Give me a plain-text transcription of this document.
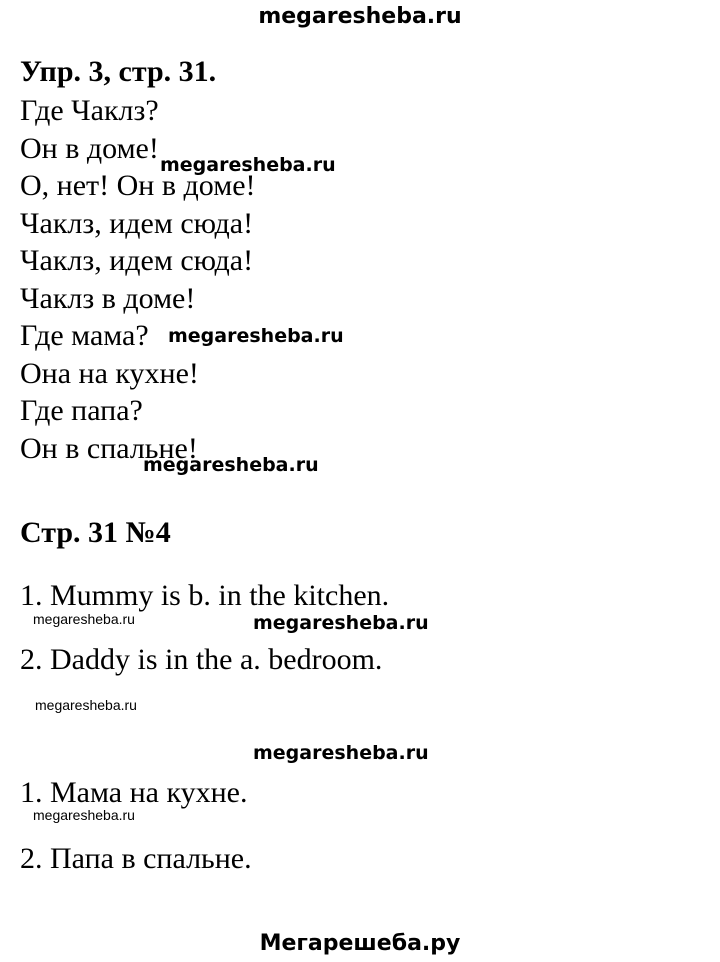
megaresheba.ru
Упр. 3, стр. 31.
Где Чаклз?
Он в доме!
О, нет! Он в доме!
Чаклз, идем сюда!
Чаклз, идем сюда!
Чаклз в доме!
Где мама?
Она на кухне!
Где папа?
Он в спальне!
megaresheba.ru
megaresheba.ru
megaresheba.ru
Стр. 31 №4
1. Mummy is b. in the kitchen.
megaresheba.ru	megaresheba.ru
2. Daddy is in the a. bedroom.
megaresheba.ru
megaresheba.ru
1. Мама на кухне.
megaresheba.ru
2. Папа в спальне.
Мегарешеба.ру
